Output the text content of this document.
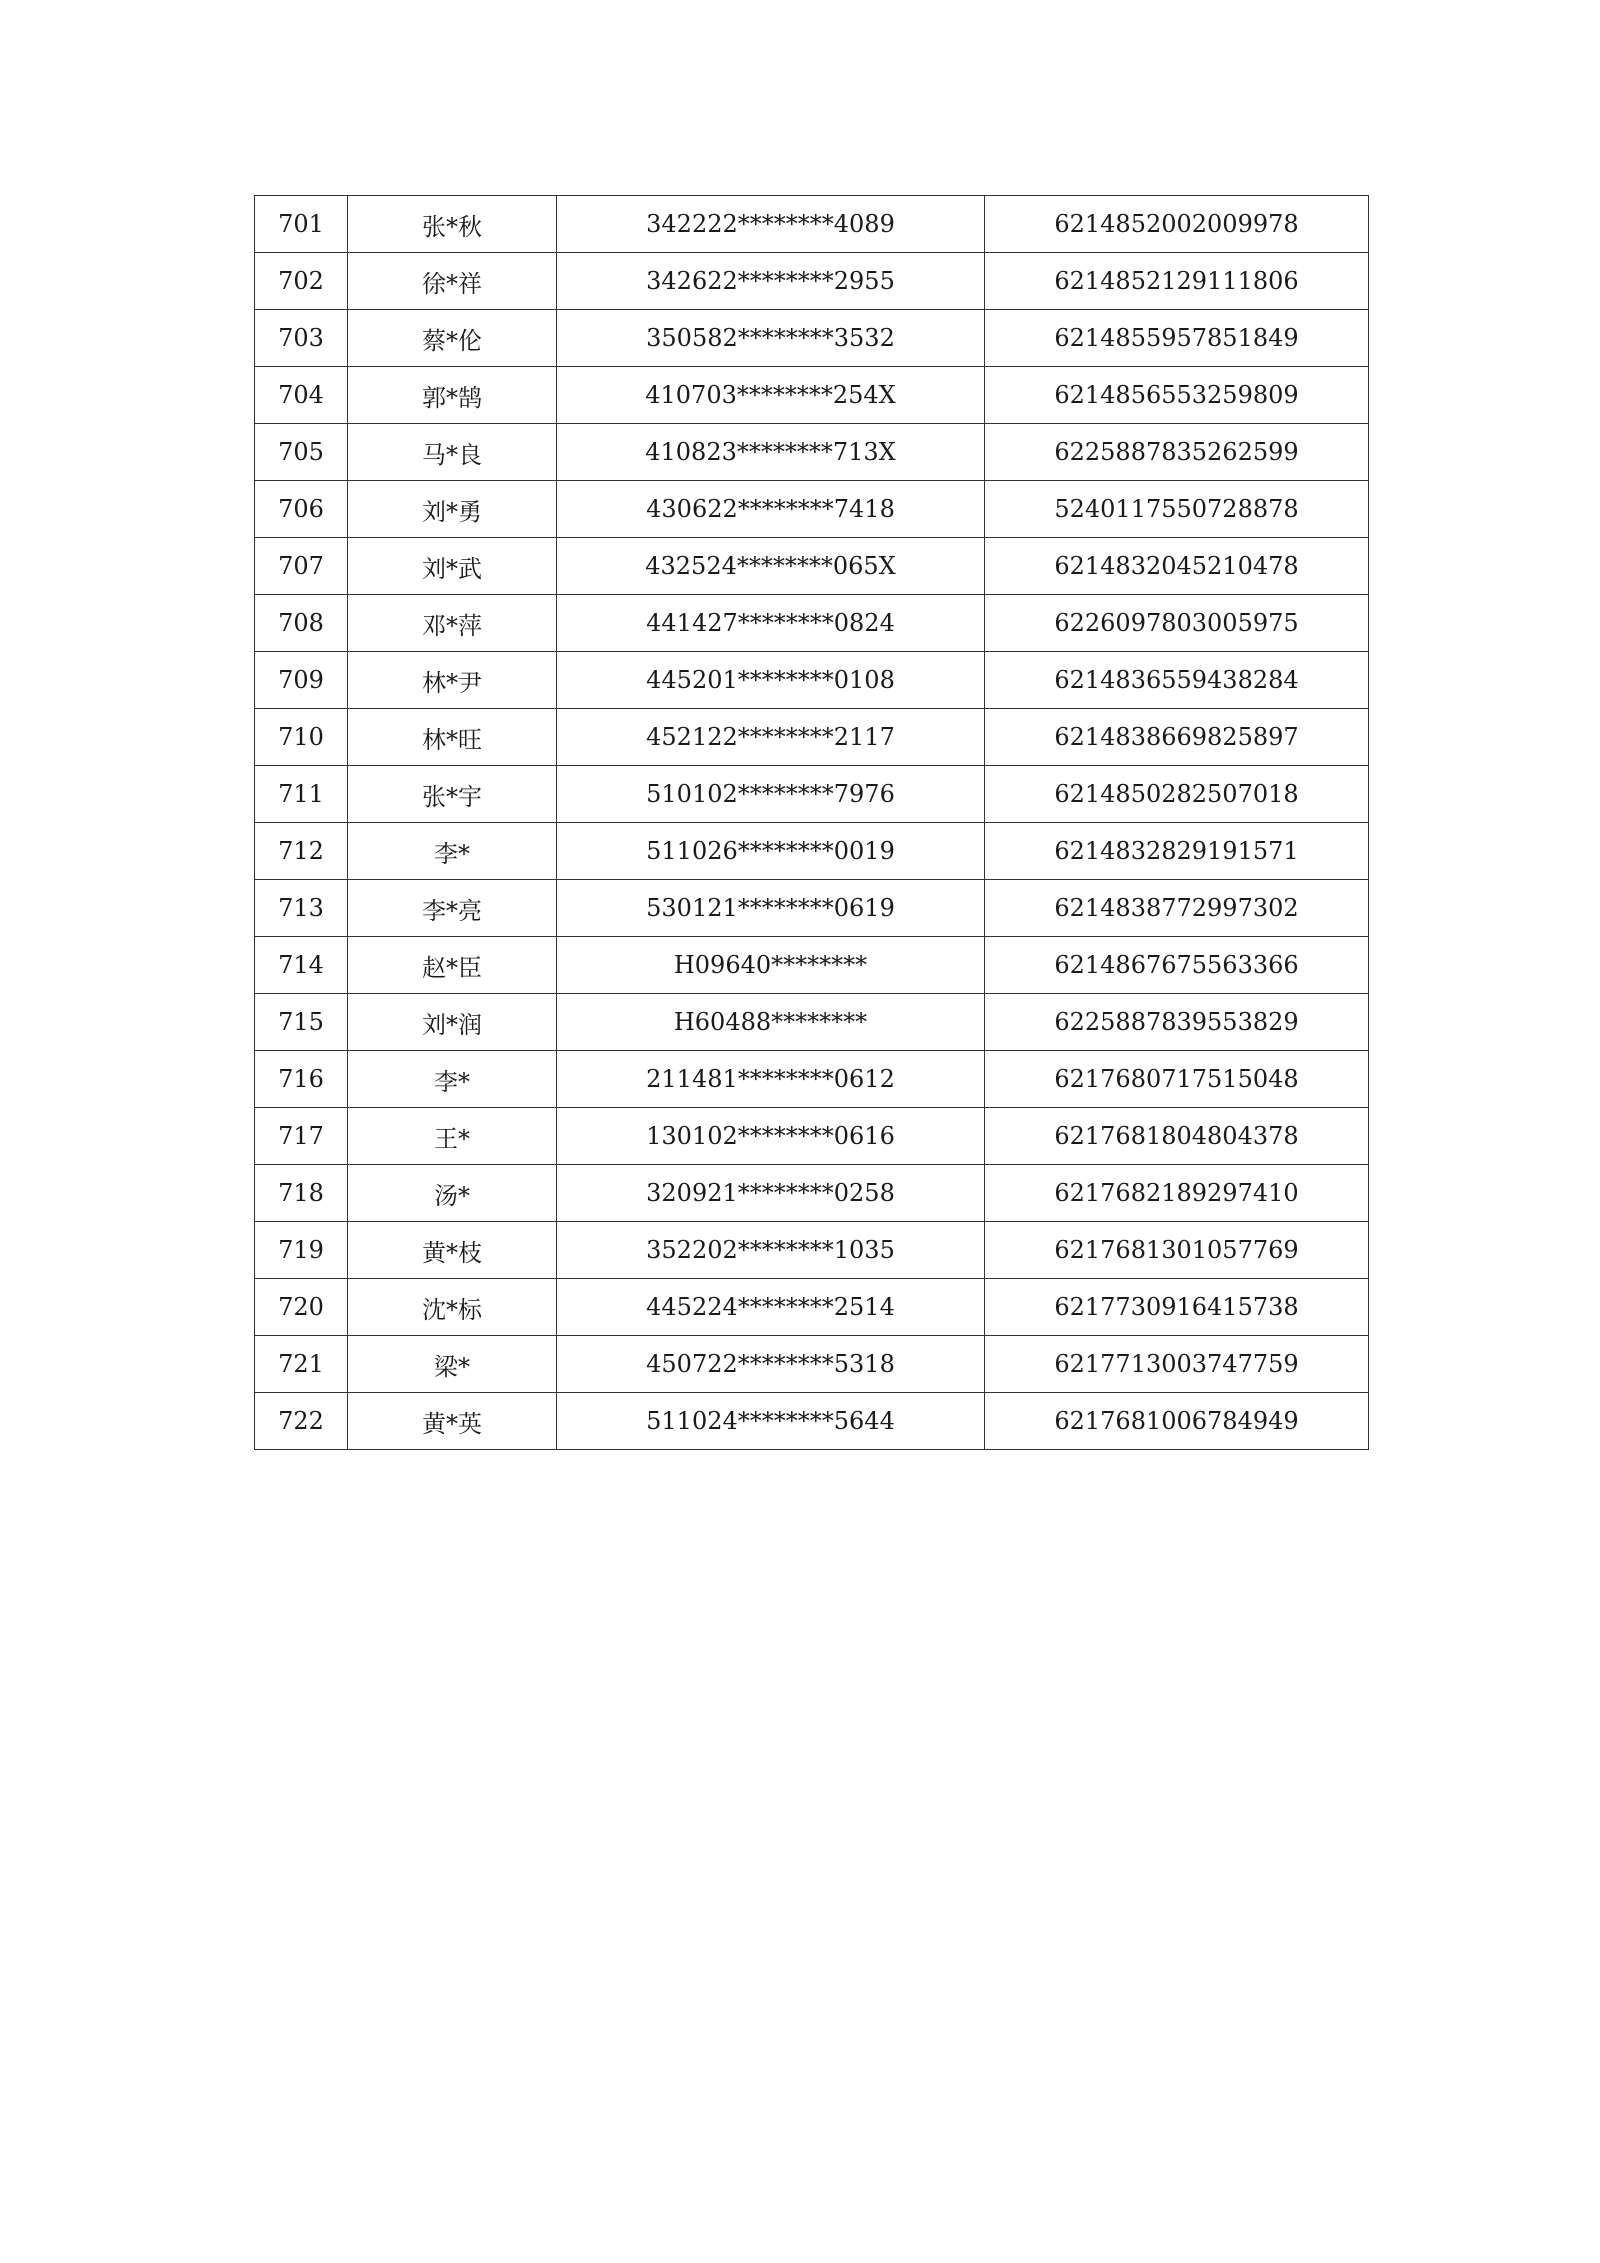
701	张*秋	342222********4089	6214852002009978
702	徐*祥	342622********2955	6214852129111806
703	蔡*伦	350582********3532	6214855957851849
704	郭*鹄	410703********254X	6214856553259809
705	马*良	410823********713X	6225887835262599
706	刘*勇	430622********7418	5240117550728878
707	刘*武	432524********065X	6214832045210478
708	邓*萍	441427********0824	6226097803005975
709	林*尹	445201********0108	6214836559438284
710	林*旺	452122********2117	6214838669825897
711	张*宇	510102********7976	6214850282507018
712	李*	511026********0019	6214832829191571
713	李*亮	530121********0619	6214838772997302
714	赵*臣	H09640********	6214867675563366
715	刘*润	H60488********	6225887839553829
716	李*	211481********0612	6217680717515048
717	王*	130102********0616	6217681804804378
718	汤*	320921********0258	6217682189297410
719	黄*枝	352202********1035	6217681301057769
720	沈*标	445224********2514	6217730916415738
721	梁*	450722********5318	6217713003747759
722	黄*英	511024********5644	6217681006784949
